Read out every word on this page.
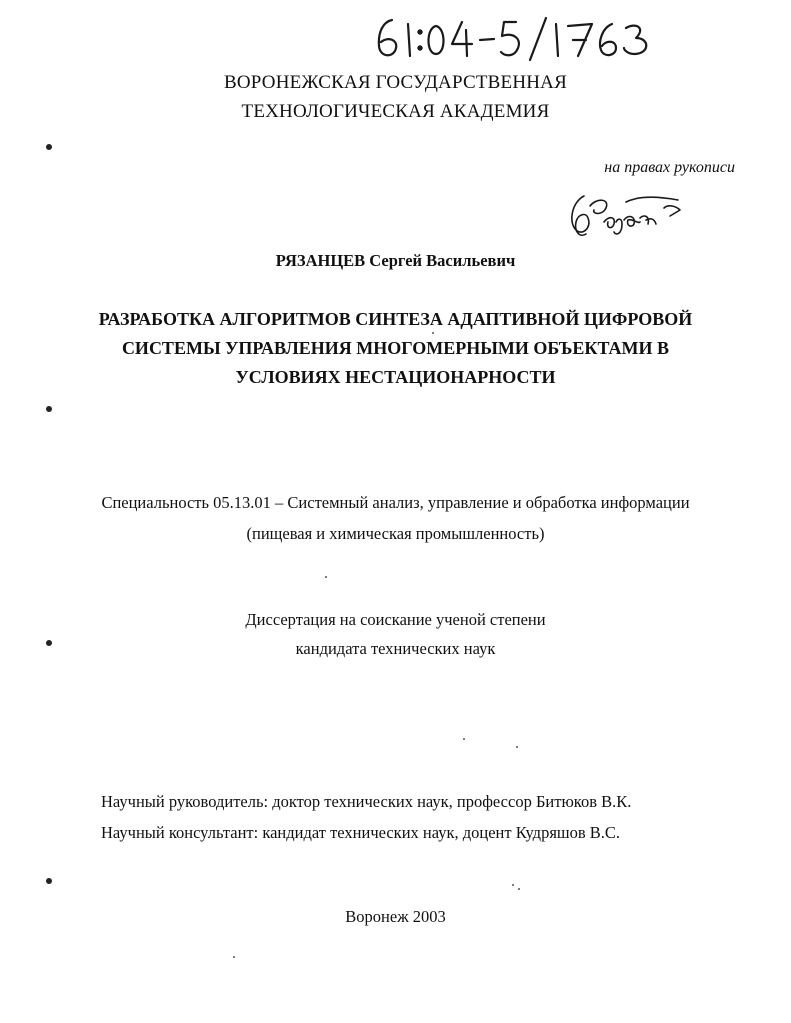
ВОРОНЕЖСКАЯ ГОСУДАРСТВЕННАЯ
ТЕХНОЛОГИЧЕСКАЯ АКАДЕМИЯ
на правах рукописи
РЯЗАНЦЕВ Сергей Васильевич
РАЗРАБОТКА АЛГОРИТМОВ СИНТЕЗА АДАПТИВНОЙ ЦИФРОВОЙ
СИСТЕМЫ УПРАВЛЕНИЯ МНОГОМЕРНЫМИ ОБЪЕКТАМИ В
УСЛОВИЯХ НЕСТАЦИОНАРНОСТИ
Специальность 05.13.01 – Системный анализ, управление и обработка информации
(пищевая и химическая промышленность)
Диссертация на соискание ученой степени
кандидата технических наук
Научный руководитель: доктор технических наук, профессор Битюков В.К.
Научный консультант: кандидат технических наук, доцент Кудряшов В.С.
Воронеж 2003
